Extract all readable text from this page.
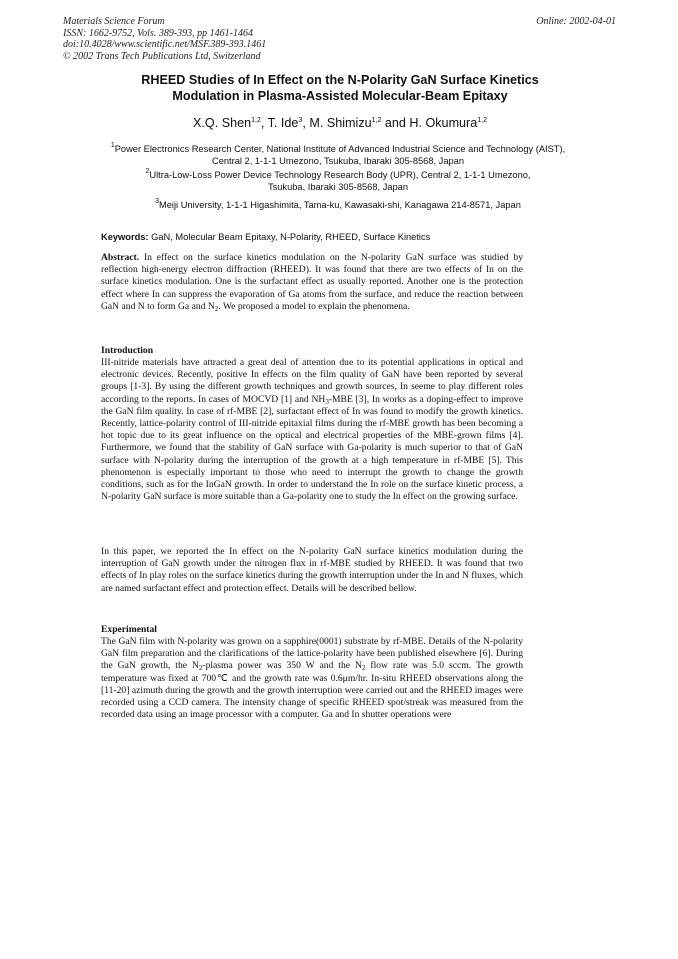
Materials Science Forum
ISSN: 1662-9752, Vols. 389-393, pp 1461-1464
doi:10.4028/www.scientific.net/MSF.389-393.1461
© 2002 Trans Tech Publications Ltd, Switzerland
Online: 2002-04-01
RHEED Studies of In Effect on the N-Polarity GaN Surface Kinetics
Modulation in Plasma-Assisted Molecular-Beam Epitaxy
X.Q. Shen$^{1,2}$, T. Ide$^3$, M. Shimizu$^{1,2}$ and H. Okumura$^{1,2}$
$^1$Power Electronics Research Center, National Institute of Advanced Industrial Science and Technology (AIST), Central 2, 1-1-1 Umezono, Tsukuba, Ibaraki 305-8568, Japan
$^2$Ultra-Low-Loss Power Device Technology Research Body (UPR), Central 2, 1-1-1 Umezono, Tsukuba, Ibaraki 305-8568, Japan
$^3$Meiji University, 1-1-1 Higashimita, Tama-ku, Kawasaki-shi, Kanagawa 214-8571, Japan
Keywords: GaN, Molecular Beam Epitaxy, N-Polarity, RHEED, Surface Kinetics
Abstract. In effect on the surface kinetics modulation on the N-polarity GaN surface was studied by reflection high-energy electron diffraction (RHEED). It was found that there are two effects of In on the surface kinetics modulation. One is the surfactant effect as usually reported. Another one is the protection effect where In can suppress the evaporation of Ga atoms from the surface, and reduce the reaction between GaN and N to form Ga and $N_2$. We proposed a model to explain the phenomena.
Introduction
III-nitride materials have attracted a great deal of attention due to its potential applications in optical and electronic devices. Recently, positive In effects on the film quality of GaN have been reported by several groups [1-3]. By using the different growth techniques and growth sources, In seeme to play different roles according to the reports. In cases of MOCVD [1] and $NH_3$-MBE [3], In works as a doping-effect to improve the GaN film quality. In case of rf-MBE [2], surfactant effect of In was found to modify the growth kinetics. Recently, lattice-polarity control of III-nitride epitaxial films during the rf-MBE growth has been becoming a hot topic due to its great influence on the optical and electrical properties of the MBE-grown films [4]. Furthermore, we found that the stability of GaN surface with Ga-polarity is much superior to that of GaN surface with N-polarity during the interruption of the growth at a high temperature in rf-MBE [5]. This phenomenon is especially important to those who need to interrupt the growth to change the growth conditions, such as for the InGaN growth. In order to understand the In role on the surface kinetic process, a N-polarity GaN surface is more suitable than a Ga-polarity one to study the In effect on the growing surface.
In this paper, we reported the In effect on the N-polarity GaN surface kinetics modulation during the interruption of GaN growth under the nitrogen flux in rf-MBE studied by RHEED. It was found that two effects of In play roles on the surface kinetics during the growth interruption under the In and N fluxes, which are named surfactant effect and protection effect. Details will be described bellow.
Experimental
The GaN film with N-polarity was grown on a sapphire(0001) substrate by rf-MBE. Details of the N-polarity GaN film preparation and the clarifications of the lattice-polarity have been published elsewhere [6]. During the GaN growth, the $N_2$-plasma power was 350 W and the $N_2$ flow rate was 5.0 sccm. The growth temperature was fixed at 700℃ and the growth rate was 0.6μm/hr. In-situ RHEED observations along the [11-20] azimuth during the growth and the growth interruption were carried out and the RHEED images were recorded using a CCD camera. The intensity change of specific RHEED spot/streak was measured from the recorded data using an image processor with a computer. Ga and In shutter operations were
